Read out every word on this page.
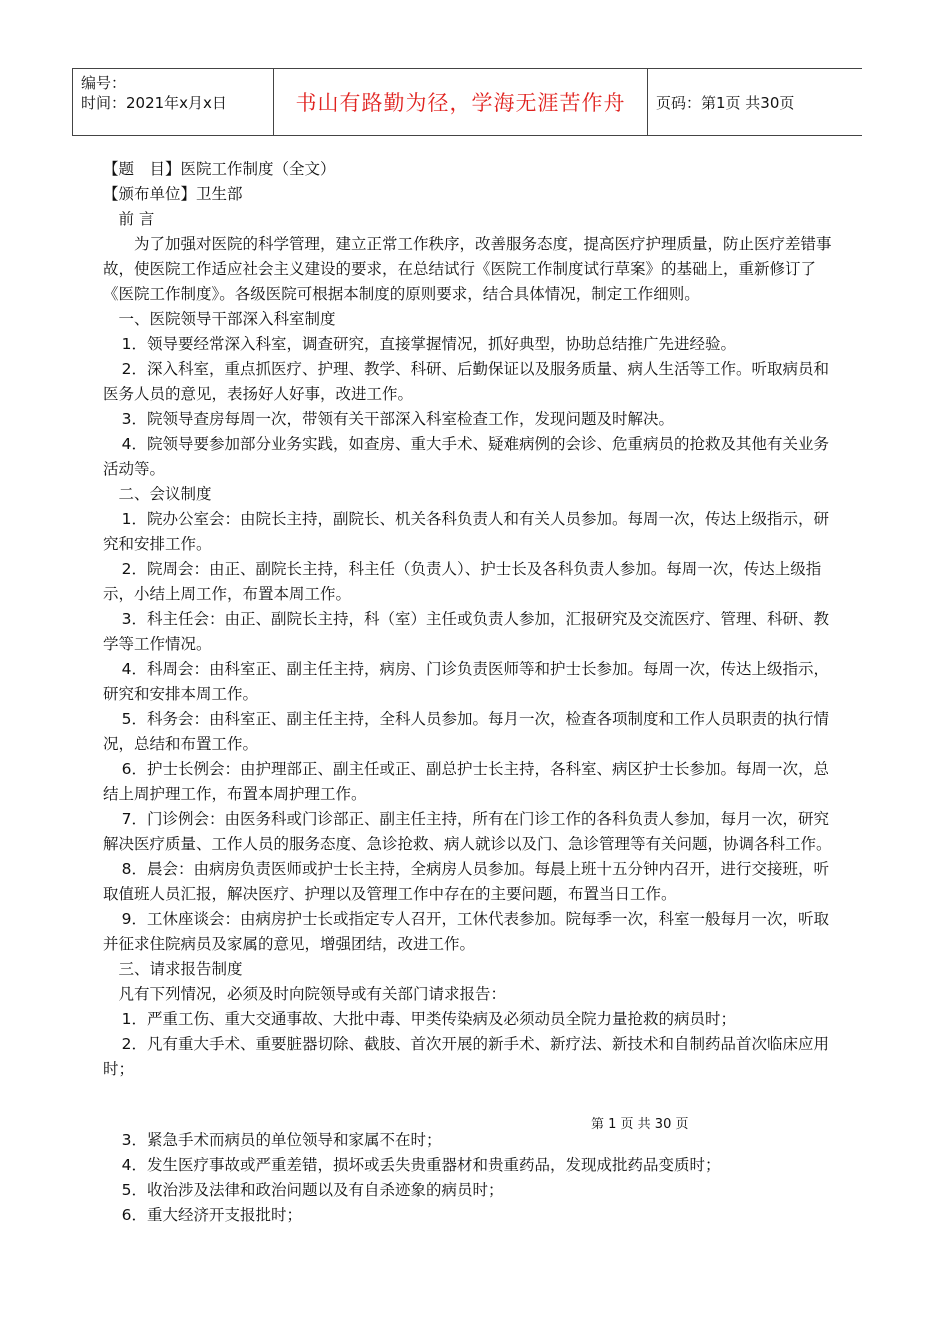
编号：
时间：2021年x月x日	书山有路勤为径，学海无涯苦作舟 页码：第1页 共30页

【题　目】医院工作制度（全文）

【颁布单位】卫生部

前 言

为了加强对医院的科学管理，建立正常工作秩序，改善服务态度，提高医疗护理质量，防止医疗差错事故，使医院工作适应社会主义建设的要求，在总结试行《医院工作制度试行草案》的基础上，重新修订了《医院工作制度》。各级医院可根据本制度的原则要求，结合具体情况，制定工作细则。

一、医院领导干部深入科室制度

1．领导要经常深入科室，调查研究，直接掌握情况，抓好典型，协助总结推广先进经验。

2．深入科室，重点抓医疗、护理、教学、科研、后勤保证以及服务质量、病人生活等工作。听取病员和医务人员的意见，表扬好人好事，改进工作。

3．院领导查房每周一次，带领有关干部深入科室检查工作，发现问题及时解决。

4．院领导要参加部分业务实践，如查房、重大手术、疑难病例的会诊、危重病员的抢救及其他有关业务活动等。

二、会议制度

1．院办公室会：由院长主持，副院长、机关各科负责人和有关人员参加。每周一次，传达上级指示，研究和安排工作。

2．院周会：由正、副院长主持，科主任（负责人）、护士长及各科负责人参加。每周一次，传达上级指示，小结上周工作，布置本周工作。

3．科主任会：由正、副院长主持，科（室）主任或负责人参加，汇报研究及交流医疗、管理、科研、教学等工作情况。

4．科周会：由科室正、副主任主持，病房、门诊负责医师等和护士长参加。每周一次，传达上级指示，研究和安排本周工作。

5．科务会：由科室正、副主任主持，全科人员参加。每月一次，检查各项制度和工作人员职责的执行情况，总结和布置工作。

6．护士长例会：由护理部正、副主任或正、副总护士长主持，各科室、病区护士长参加。每周一次，总结上周护理工作，布置本周护理工作。

7．门诊例会：由医务科或门诊部正、副主任主持，所有在门诊工作的各科负责人参加，每月一次，研究解决医疗质量、工作人员的服务态度、急诊抢救、病人就诊以及门、急诊管理等有关问题，协调各科工作。

8．晨会：由病房负责医师或护士长主持，全病房人员参加。每晨上班十五分钟内召开，进行交接班，听取值班人员汇报，解决医疗、护理以及管理工作中存在的主要问题，布置当日工作。

9．工休座谈会：由病房护士长或指定专人召开，工休代表参加。院每季一次，科室一般每月一次，听取并征求住院病员及家属的意见，增强团结，改进工作。

三、请求报告制度

凡有下列情况，必须及时向院领导或有关部门请求报告：

1．严重工伤、重大交通事故、大批中毒、甲类传染病及必须动员全院力量抢救的病员时；

2．凡有重大手术、重要脏器切除、截肢、首次开展的新手术、新疗法、新技术和自制药品首次临床应用时；

第 1 页 共 30 页

3．紧急手术而病员的单位领导和家属不在时；

4．发生医疗事故或严重差错，损坏或丢失贵重器材和贵重药品，发现成批药品变质时；

5．收治涉及法律和政治问题以及有自杀迹象的病员时；

6．重大经济开支报批时；
